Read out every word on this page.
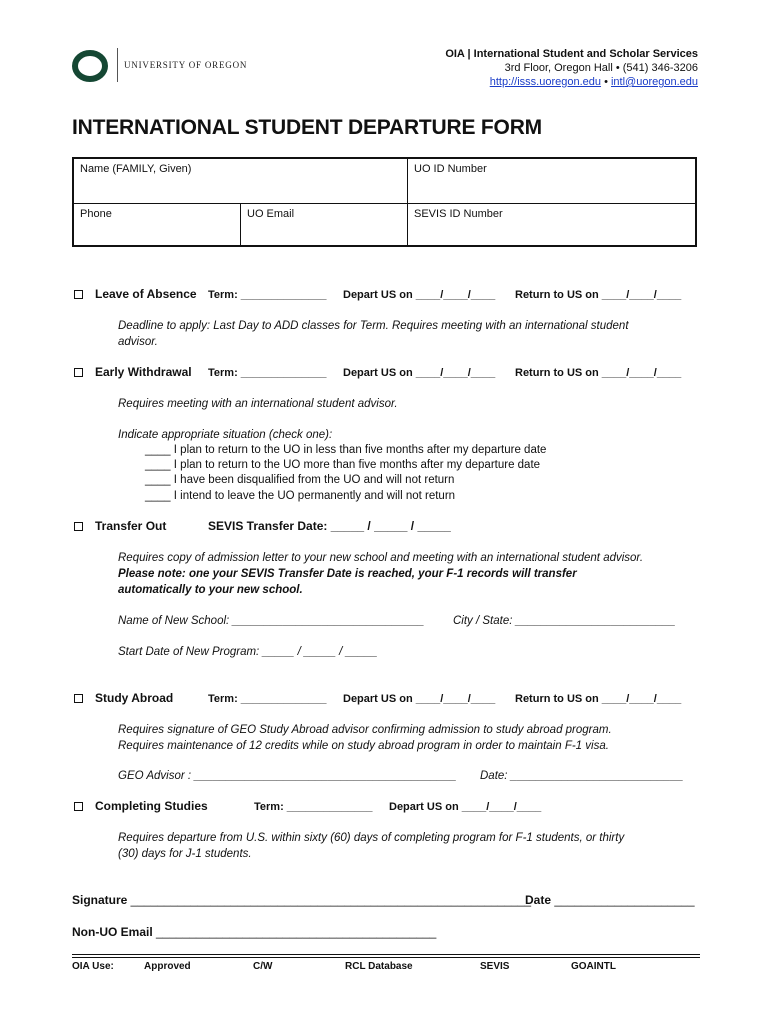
UNIVERSITY OF OREGON
OIA | International Student and Scholar Services
3rd Floor, Oregon Hall • (541) 346-3206
http://isss.uoregon.edu • intl@uoregon.edu
INTERNATIONAL STUDENT DEPARTURE FORM
Name (FAMILY, Given)	UO ID Number
Phone	UO Email	SEVIS ID Number
Leave of Absence Term: ______________ Depart US on ____/____/____ Return to US on ____/____/____
Deadline to apply: Last Day to ADD classes for Term. Requires meeting with an international student
advisor.
Early Withdrawal Term: ______________ Depart US on ____/____/____ Return to US on ____/____/____
Requires meeting with an international student advisor.
Indicate appropriate situation (check one):
____ I plan to return to the UO in less than five months after my departure date
____ I plan to return to the UO more than five months after my departure date
____ I have been disqualified from the UO and will not return
____ I intend to leave the UO permanently and will not return
Transfer Out	SEVIS Transfer Date: _____ / _____ / _____
Requires copy of admission letter to your new school and meeting with an international student advisor.
Please note: one your SEVIS Transfer Date is reached, your F-1 records will transfer
automatically to your new school.
Name of New School: ______________________________ City / State: _________________________
Start Date of New Program: _____ / _____ / _____
Study Abroad	Term: ______________ Depart US on ____/____/____ Return to US on ____/____/____
Requires signature of GEO Study Abroad advisor confirming admission to study abroad program.
Requires maintenance of 12 credits while on study abroad program in order to maintain F-1 visa.
GEO Advisor : _________________________________________ Date: ___________________________
Completing Studies	Term: ______________ Depart US on ____/____/____
Requires departure from U.S. within sixty (60) days of completing program for F-1 students, or thirty
(30) days for J-1 students.
Signature ____________________________________________________________
Date _____________________
Non-UO Email __________________________________________
OIA Use:	Approved	C/W	RCL Database	SEVIS	GOAINTL
